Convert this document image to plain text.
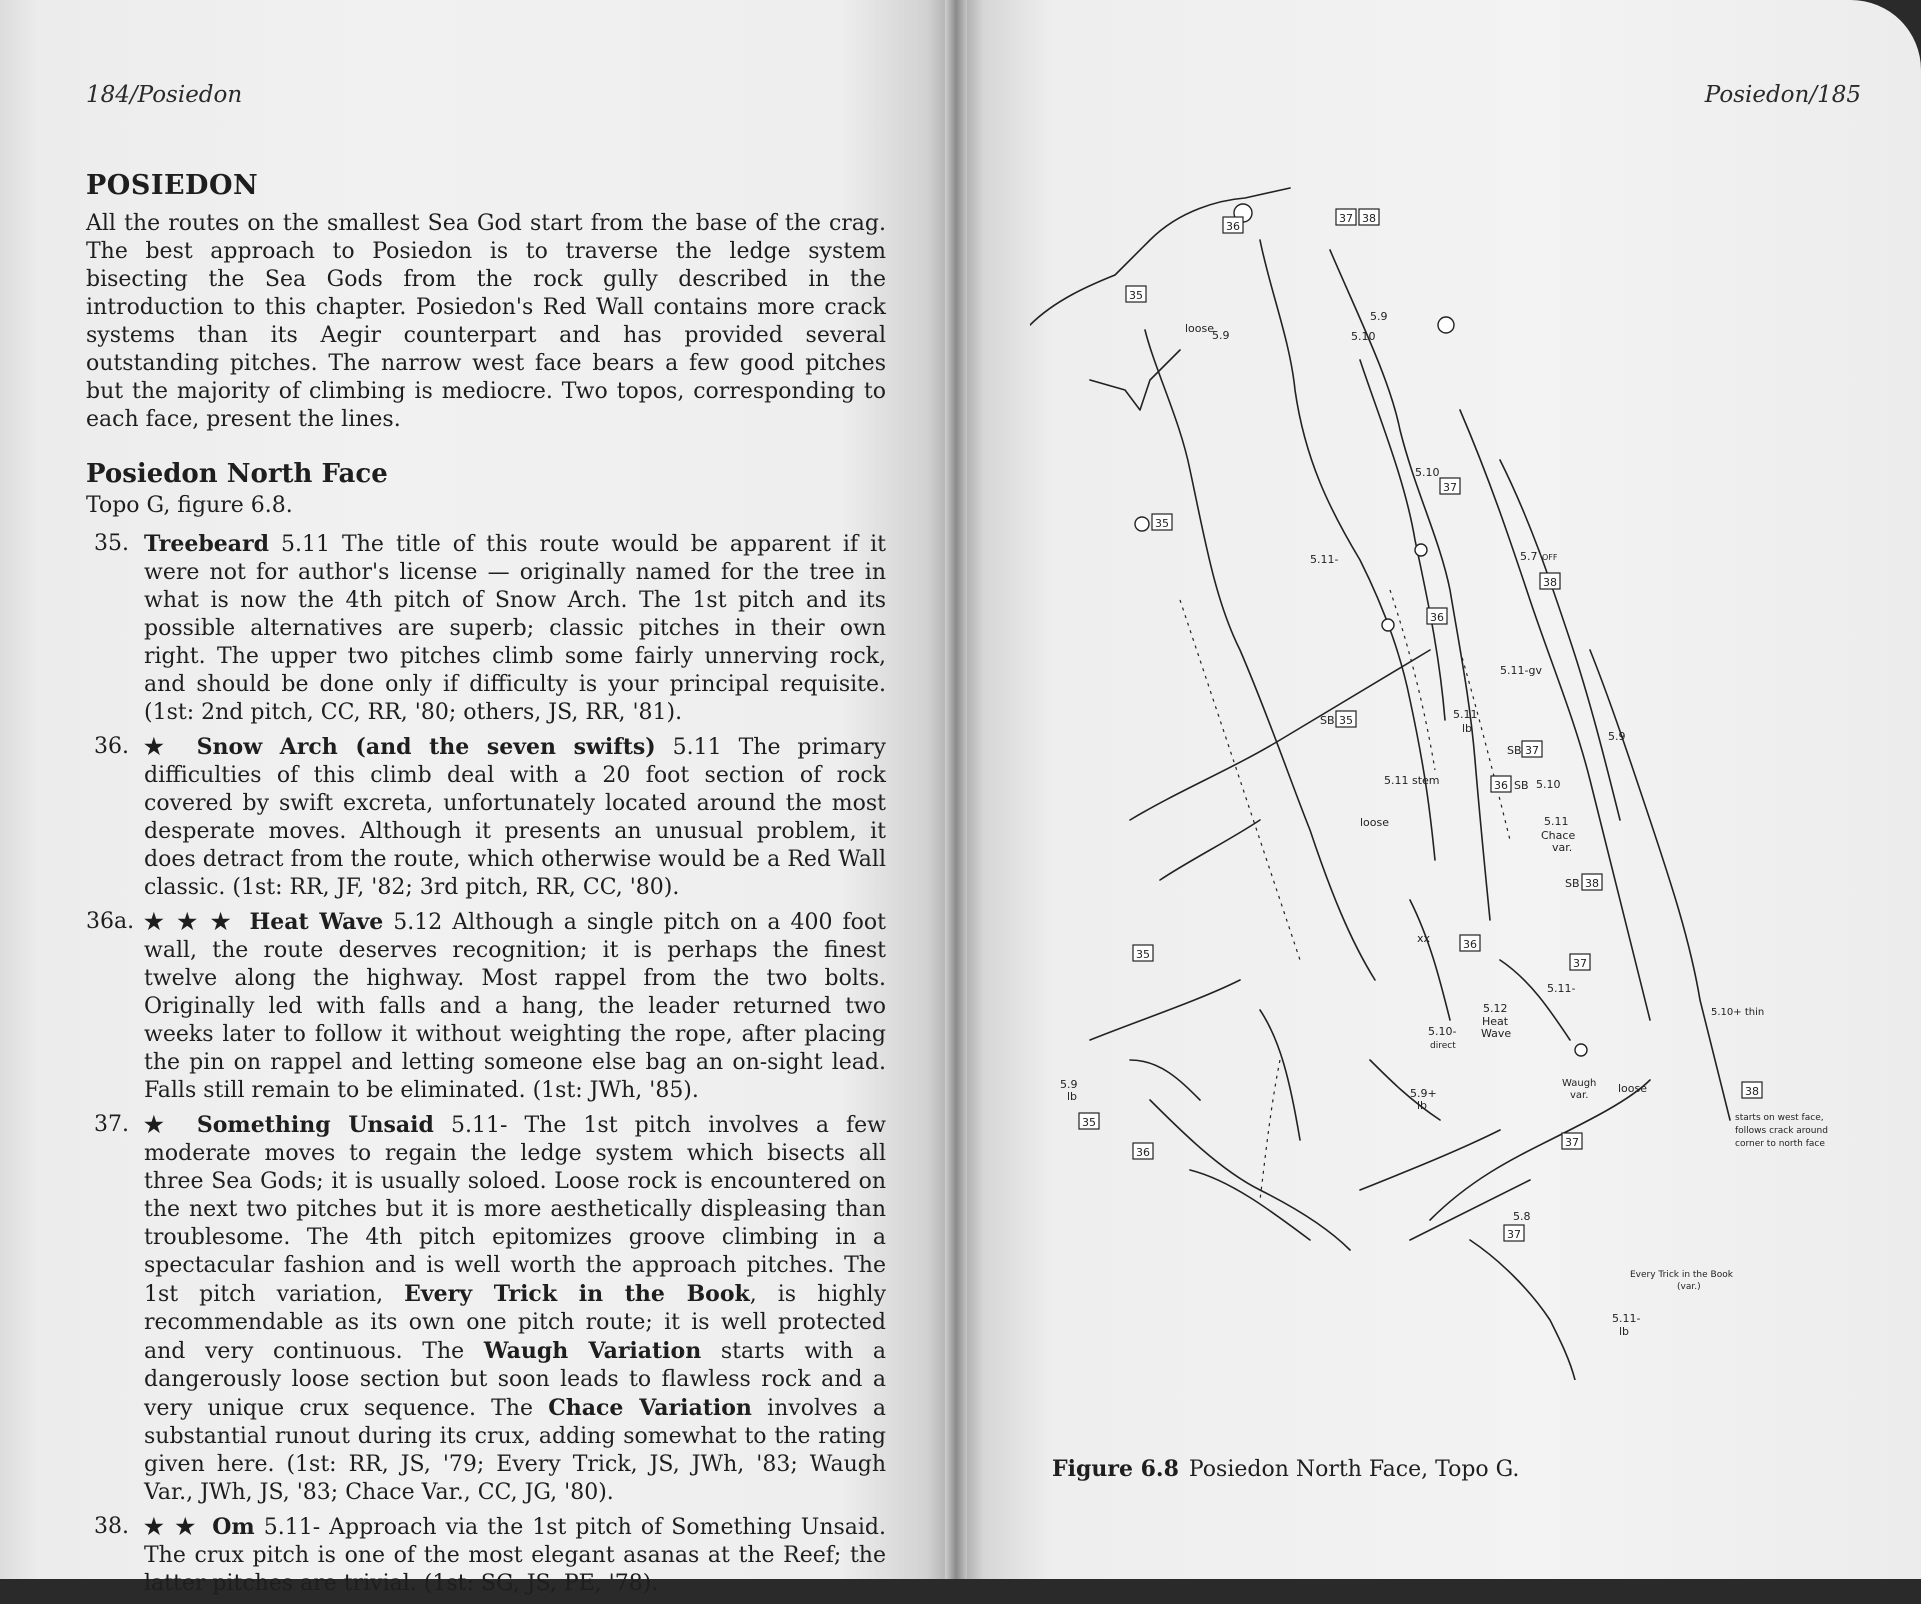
184/Posiedon
POSIEDON

All the routes on the smallest Sea God start from the base of the crag. The best approach to Posiedon is to traverse the ledge system bisecting the Sea Gods from the rock gully described in the introduction to this chapter. Posiedon's Red Wall contains more crack systems than its Aegir counterpart and has provided several outstanding pitches. The narrow west face bears a few good pitches but the majority of climbing is mediocre. Two topos, corresponding to each face, present the lines.

Posiedon North Face
Topo G, figure 6.8.
35. Treebeard 5.11 The title of this route would be apparent if it were not for author's license — originally named for the tree in what is now the 4th pitch of Snow Arch. The 1st pitch and its possible alternatives are superb; classic pitches in their own right. The upper two pitches climb some fairly unnerving rock, and should be done only if difficulty is your principal requisite. (1st: 2nd pitch, CC, RR, '80; others, JS, RR, '81).
36. ★ Snow Arch (and the seven swifts) 5.11 The primary difficulties of this climb deal with a 20 foot section of rock covered by swift excreta, unfortunately located around the most desperate moves. Although it presents an unusual problem, it does detract from the route, which otherwise would be a Red Wall classic. (1st: RR, JF, '82; 3rd pitch, RR, CC, '80).
36a. ★ ★ ★ Heat Wave 5.12 Although a single pitch on a 400 foot wall, the route deserves recognition; it is perhaps the finest twelve along the highway. Most rappel from the two bolts. Originally led with falls and a hang, the leader returned two weeks later to follow it without weighting the rope, after placing the pin on rappel and letting someone else bag an on-sight lead. Falls still remain to be eliminated. (1st: JWh, '85).
37. ★ Something Unsaid 5.11- The 1st pitch involves a few moderate moves to regain the ledge system which bisects all three Sea Gods; it is usually soloed. Loose rock is encountered on the next two pitches but it is more aesthetically displeasing than troublesome. The 4th pitch epitomizes groove climbing in a spectacular fashion and is well worth the approach pitches. The 1st pitch variation, Every Trick in the Book, is highly recommendable as its own one pitch route; it is well protected and very continuous. The Waugh Variation starts with a dangerously loose section but soon leads to flawless rock and a very unique crux sequence. The Chace Variation involves a substantial runout during its crux, adding somewhat to the rating given here. (1st: RR, JS, '79; Every Trick, JS, JWh, '83; Waugh Var., JWh, JS, '83; Chace Var., CC, JG, '80).
38. ★ ★ Om 5.11- Approach via the 1st pitch of Something Unsaid. The crux pitch is one of the most elegant asanas at the Reef; the latter pitches are trivial. (1st: SG, JS, PE, '78).
Posiedon/185
36
37 38
35
loose
5.9
5.9
5.10
37
5.10
35
5.11-	5.7 OFF
38
36
5.11-gv
SB 35	5.11
lb
SB 37
5.10
5.9
5.11 stem	36 SB
loose	5.11
Chace
var.
SB 38
xx
35
36
37
5.11-
5.12
Heat
Wave
5.10-
direct
5.9
lb	5.9+
lb
Waugh
var.
loose
35
36
37
5.8
37
5.10+ thin
38
starts on west face,
follows crack around
corner to north face
Every Trick in the Book
(var.)
5.11-
lb
Figure 6.8 Posiedon North Face, Topo G.
